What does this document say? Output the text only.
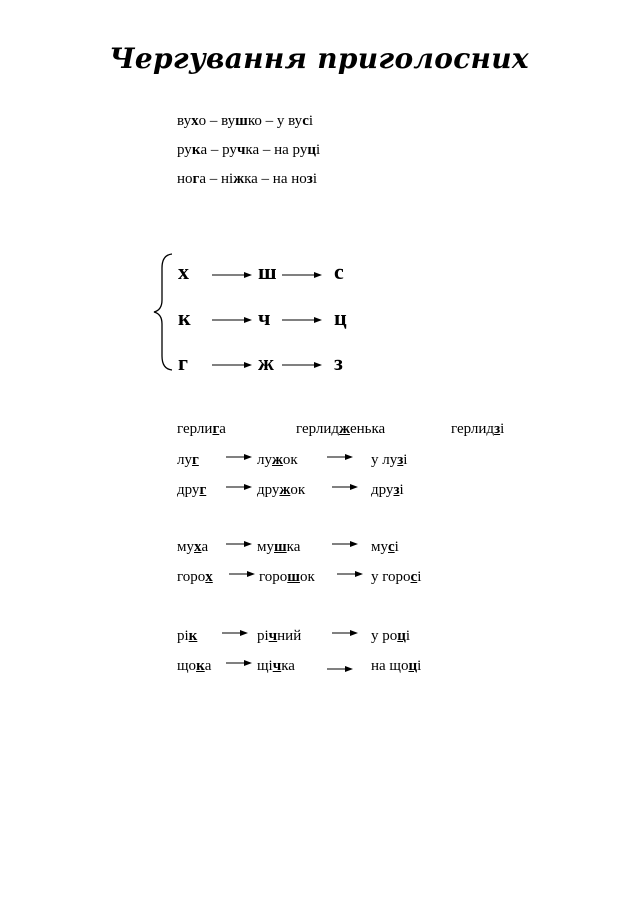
Чергування приголосних
вухо – вушко – у вусі
рука – ручка – на руці
нога – ніжка – на нозі
х	ш	с
к	ч	ц
г	ж	з
герлига	герлидженька	герлидзі
луг	лужок	у лузі
друг	дружок	друзі
муха	мушка	мусі
горох	горошок	у горосі
рік	річний	у році
щока	щічка	на щоці
